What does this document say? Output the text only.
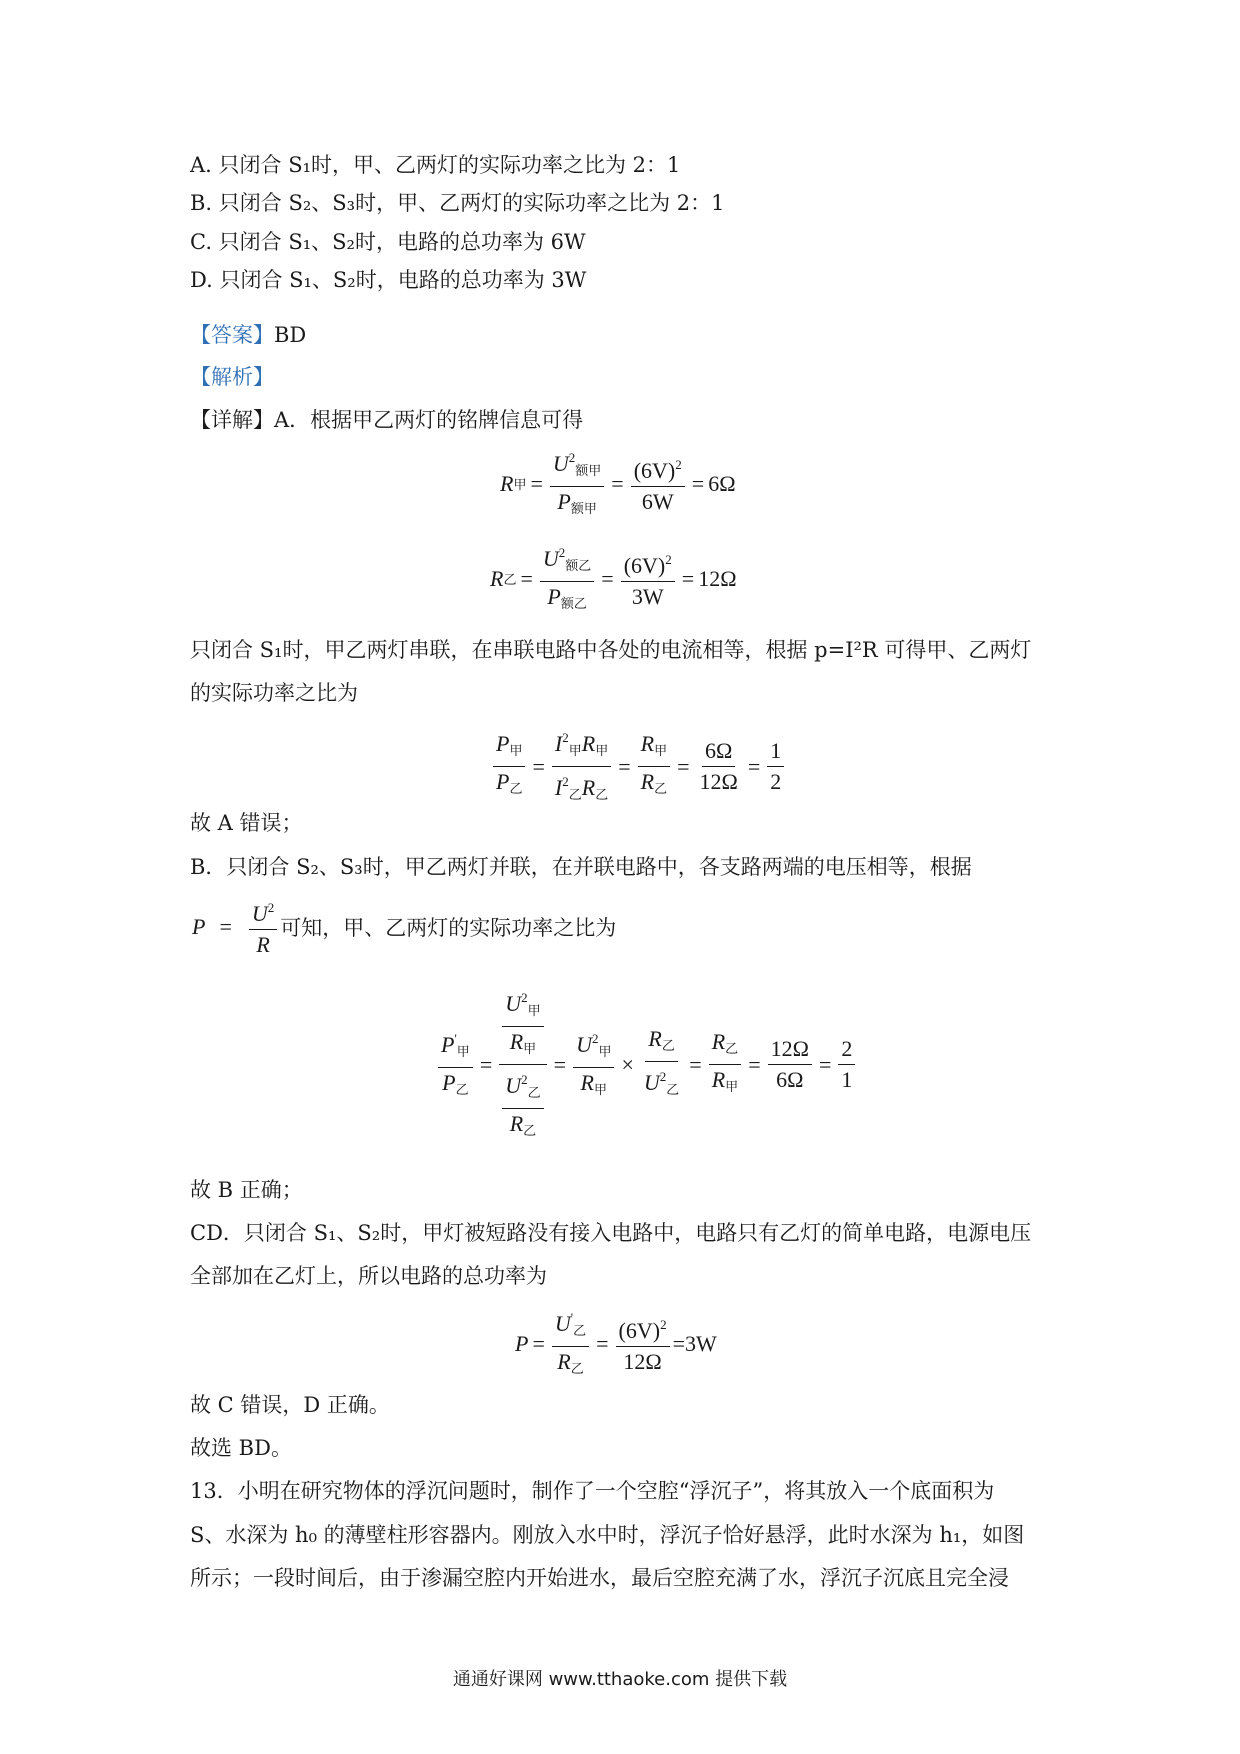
A. 只闭合 S₁时，甲、乙两灯的实际功率之比为 2：1
B. 只闭合 S₂、S₃时，甲、乙两灯的实际功率之比为 2：1
C. 只闭合 S₁、S₂时，电路的总功率为 6W
D. 只闭合 S₁、S₂时，电路的总功率为 3W
【答案】BD
【解析】
【详解】A．根据甲乙两灯的铭牌信息可得
R 甲 = $\frac{U^2_{额甲}}{P_{额甲}} = \frac{(6V)^2}{6W} = 6\Omega$
R 乙 = $\frac{U^2_{额乙}}{P_{额乙}} = \frac{(6V)^2}{3W} = 12\Omega$
只闭合 S₁时，甲乙两灯串联，在串联电路中各处的电流相等，根据 p=I²R 可得甲、乙两灯
的实际功率之比为
$\frac{P_甲}{P_乙} = \frac{I^2_甲R_甲}{I^2_乙R_乙} = \frac{R_甲}{R_乙} = \frac{6\Omega}{12\Omega} = \frac{1}{2}$
故 A 错误；
B．只闭合 S₂、S₃时，甲乙两灯并联，在并联电路中，各支路两端的电压相等，根据
$P = \frac{U^2}{R}$ 可知，甲、乙两灯的实际功率之比为
$\frac{P'_甲}{P_乙} = \frac{\frac{U^2_甲}{R_甲}}{\frac{U^2_乙}{R_乙}} = \frac{U^2_甲}{R_甲} \times \frac{R_乙}{U^2_乙} = \frac{R_乙}{R_甲} = \frac{12\Omega}{6\Omega} = \frac{2}{1}$
故 B 正确；
CD．只闭合 S₁、S₂时，甲灯被短路没有接入电路中，电路只有乙灯的简单电路，电源电压
全部加在乙灯上，所以电路的总功率为
$P = \frac{U'_乙}{R_乙} = \frac{(6V)^2}{12\Omega} =3W$
故 C 错误，D 正确。
故选 BD。
13．小明在研究物体的浮沉问题时，制作了一个空腔“浮沉子”，将其放入一个底面积为
S、水深为 h₀ 的薄壁柱形容器内。刚放入水中时，浮沉子恰好悬浮，此时水深为 h₁，如图
所示；一段时间后，由于渗漏空腔内开始进水，最后空腔充满了水，浮沉子沉底且完全浸
通通好课网 www.tthaoke.com 提供下载
